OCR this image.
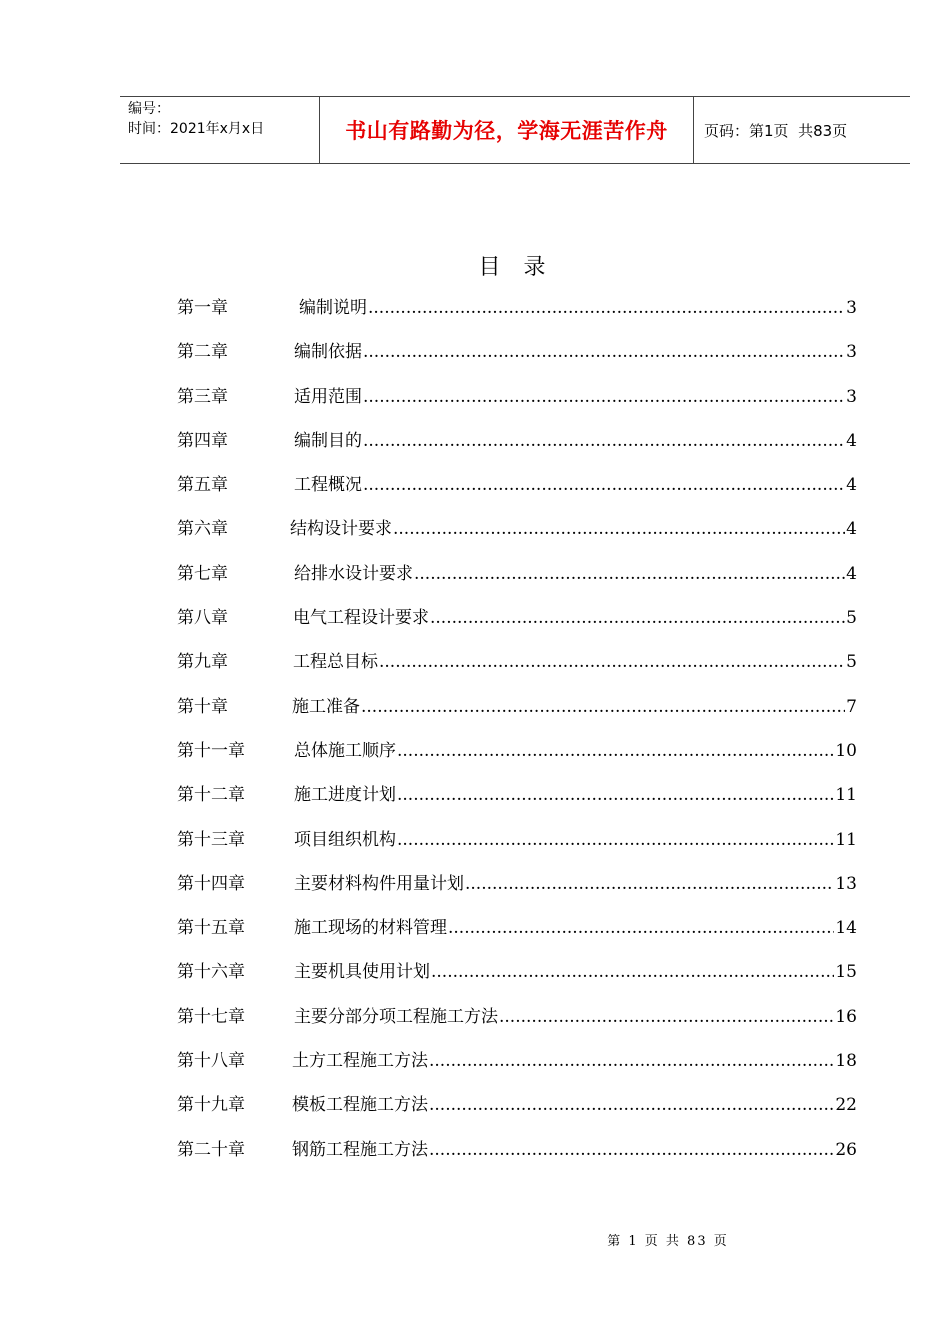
编号：
时间：2021年x月x日	书山有路勤为径，学海无涯苦作舟	页码：第1页  共83页
目 录
第一章	编制说明 .....	3
第二章	编制依据 .....	3
第三章	适用范围 .....	3
第四章	编制目的 .....	4
第五章	工程概况 .....	4
第六章	结构设计要求 .....	4
第七章	给排水设计要求 .....	4
第八章	电气工程设计要求 .....	5
第九章	工程总目标 .....	5
第十章	施工准备 .....	7
第十一章	总体施工顺序 .....	10
第十二章	施工进度计划 .....	11
第十三章	项目组织机构 .....	11
第十四章	主要材料构件用量计划 .....	13
第十五章	施工现场的材料管理 .....	14
第十六章	主要机具使用计划 .....	15
第十七章	主要分部分项工程施工方法 .....	16
第十八章	土方工程施工方法 .....	18
第十九章	模板工程施工方法 .....	22
第二十章	钢筋工程施工方法 .....	26
第 1 页 共 83 页
